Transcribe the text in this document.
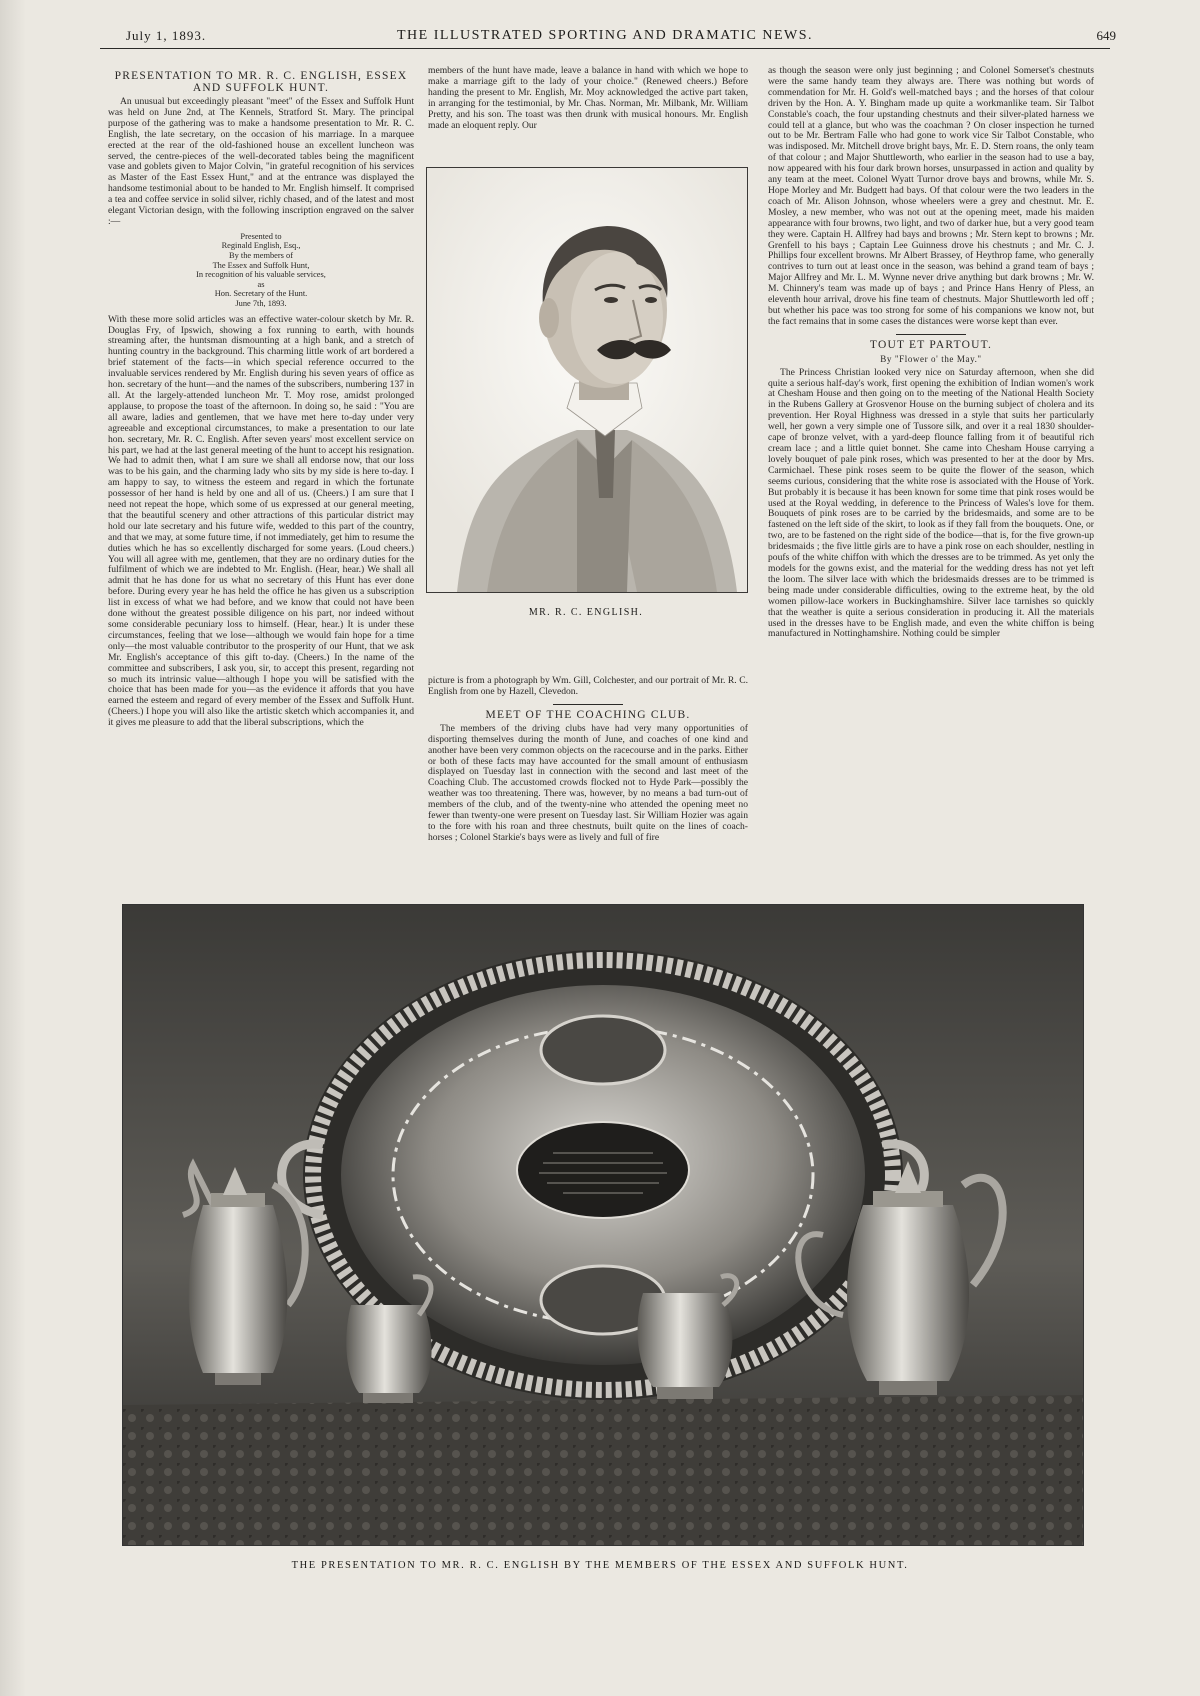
July 1, 1893.	THE ILLUSTRATED SPORTING AND DRAMATIC NEWS.	649
PRESENTATION TO MR. R. C. ENGLISH, ESSEX AND SUFFOLK HUNT.

An unusual but exceedingly pleasant "meet" of the Essex and Suffolk Hunt was held on June 2nd, at The Kennels, Stratford St. Mary. The principal purpose of the gathering was to make a handsome presentation to Mr. R. C. English, the late secretary, on the occasion of his marriage. In a marquee erected at the rear of the old-fashioned house an excellent luncheon was served, the centre-pieces of the well-decorated tables being the magnificent vase and goblets given to Major Colvin, "in grateful recognition of his services as Master of the East Essex Hunt," and at the entrance was displayed the handsome testimonial about to be handed to Mr. English himself. It comprised a tea and coffee service in solid silver, richly chased, and of the latest and most elegant Victorian design, with the following inscription engraved on the salver :—

Presented to
Reginald English, Esq.,
By the members of
The Essex and Suffolk Hunt,
In recognition of his valuable services,
as
Hon. Secretary of the Hunt.
June 7th, 1893.

With these more solid articles was an effective water-colour sketch by Mr. R. Douglas Fry, of Ipswich, showing a fox running to earth, with hounds streaming after, the huntsman dismounting at a high bank, and a stretch of hunting country in the background. This charming little work of art bordered a brief statement of the facts—in which special reference occurred to the invaluable services rendered by Mr. English during his seven years of office as hon. secretary of the hunt—and the names of the subscribers, numbering 137 in all. At the largely-attended luncheon Mr. T. Moy rose, amidst prolonged applause, to propose the toast of the afternoon. In doing so, he said : "You are all aware, ladies and gentlemen, that we have met here to-day under very agreeable and exceptional circumstances, to make a presentation to our late hon. secretary, Mr. R. C. English. After seven years' most excellent service on his part, we had at the last general meeting of the hunt to accept his resignation. We had to admit then, what I am sure we shall all endorse now, that our loss was to be his gain, and the charming lady who sits by my side is here to-day. I am happy to say, to witness the esteem and regard in which the fortunate possessor of her hand is held by one and all of us. (Cheers.) I am sure that I need not repeat the hope, which some of us expressed at our general meeting, that the beautiful scenery and other attractions of this particular district may hold our late secretary and his future wife, wedded to this part of the country, and that we may, at some future time, if not immediately, get him to resume the duties which he has so excellently discharged for some years. (Loud cheers.) You will all agree with me, gentlemen, that they are no ordinary duties for the fulfilment of which we are indebted to Mr. English. (Hear, hear.) We shall all admit that he has done for us what no secretary of this Hunt has ever done before. During every year he has held the office he has given us a subscription list in excess of what we had before, and we know that could not have been done without the greatest possible diligence on his part, nor indeed without some considerable pecuniary loss to himself. (Hear, hear.) It is under these circumstances, feeling that we lose—although we would fain hope for a time only—the most valuable contributor to the prosperity of our Hunt, that we ask Mr. English's acceptance of this gift to-day. (Cheers.) In the name of the committee and subscribers, I ask you, sir, to accept this present, regarding not so much its intrinsic value—although I hope you will be satisfied with the choice that has been made for you—as the evidence it affords that you have earned the esteem and regard of every member of the Essex and Suffolk Hunt. (Cheers.) I hope you will also like the artistic sketch which accompanies it, and it gives me pleasure to add that the liberal subscriptions, which the

members of the hunt have made, leave a balance in hand with which we hope to make a marriage gift to the lady of your choice." (Renewed cheers.) Before handing the present to Mr. English, Mr. Moy acknowledged the active part taken, in arranging for the testimonial, by Mr. Chas. Norman, Mr. Milbank, Mr. William Pretty, and his son. The toast was then drunk with musical honours. Mr. English made an eloquent reply. Our

MR. R. C. ENGLISH.

picture is from a photograph by Wm. Gill, Colchester, and our portrait of Mr. R. C. English from one by Hazell, Clevedon.

MEET OF THE COACHING CLUB.

The members of the driving clubs have had very many opportunities of disporting themselves during the month of June, and coaches of one kind and another have been very common objects on the racecourse and in the parks. Either or both of these facts may have accounted for the small amount of enthusiasm displayed on Tuesday last in connection with the second and last meet of the Coaching Club. The accustomed crowds flocked not to Hyde Park—possibly the weather was too threatening. There was, however, by no means a bad turn-out of members of the club, and of the twenty-nine who attended the opening meet no fewer than twenty-one were present on Tuesday last. Sir William Hozier was again to the fore with his roan and three chestnuts, built quite on the lines of coach-horses ; Colonel Starkie's bays were as lively and full of fire

as though the season were only just beginning ; and Colonel Somerset's chestnuts were the same handy team they always are. There was nothing but words of commendation for Mr. H. Gold's well-matched bays ; and the horses of that colour driven by the Hon. A. Y. Bingham made up quite a workmanlike team. Sir Talbot Constable's coach, the four upstanding chestnuts and their silver-plated harness we could tell at a glance, but who was the coachman ? On closer inspection he turned out to be Mr. Bertram Falle who had gone to work vice Sir Talbot Constable, who was indisposed. Mr. Mitchell drove bright bays, Mr. E. D. Stern roans, the only team of that colour ; and Major Shuttleworth, who earlier in the season had to use a bay, now appeared with his four dark brown horses, unsurpassed in action and quality by any team at the meet. Colonel Wyatt Turnor drove bays and browns, while Mr. S. Hope Morley and Mr. Budgett had bays. Of that colour were the two leaders in the coach of Mr. Alison Johnson, whose wheelers were a grey and chestnut. Mr. E. Mosley, a new member, who was not out at the opening meet, made his maiden appearance with four browns, two light, and two of darker hue, but a very good team they were. Captain H. Allfrey had bays and browns ; Mr. Stern kept to browns ; Mr. Grenfell to his bays ; Captain Lee Guinness drove his chestnuts ; and Mr. C. J. Phillips four excellent browns. Mr Albert Brassey, of Heythrop fame, who generally contrives to turn out at least once in the season, was behind a grand team of bays ; Major Allfrey and Mr. L. M. Wynne never drive anything but dark browns ; Mr. W. M. Chinnery's team was made up of bays ; and Prince Hans Henry of Pless, an eleventh hour arrival, drove his fine team of chestnuts. Major Shuttleworth led off ; but whether his pace was too strong for some of his companions we know not, but the fact remains that in some cases the distances were worse kept than ever.

TOUT ET PARTOUT.
By "Flower o' the May."

The Princess Christian looked very nice on Saturday afternoon, when she did quite a serious half-day's work, first opening the exhibition of Indian women's work at Chesham House and then going on to the meeting of the National Health Society in the Rubens Gallery at Grosvenor House on the burning subject of cholera and its prevention. Her Royal Highness was dressed in a style that suits her particularly well, her gown a very simple one of Tussore silk, and over it a real 1830 shoulder-cape of bronze velvet, with a yard-deep flounce falling from it of beautiful rich cream lace ; and a little quiet bonnet. She came into Chesham House carrying a lovely bouquet of pale pink roses, which was presented to her at the door by Mrs. Carmichael. These pink roses seem to be quite the flower of the season, which seems curious, considering that the white rose is associated with the House of York. But probably it is because it has been known for some time that pink roses would be used at the Royal wedding, in deference to the Princess of Wales's love for them. Bouquets of pink roses are to be carried by the bridesmaids, and some are to be fastened on the left side of the skirt, to look as if they fall from the bouquets. One, or two, are to be fastened on the right side of the bodice—that is, for the five grown-up bridesmaids ; the five little girls are to have a pink rose on each shoulder, nestling in poufs of the white chiffon with which the dresses are to be trimmed. As yet only the models for the gowns exist, and the material for the wedding dress has not yet left the loom. The silver lace with which the bridesmaids dresses are to be trimmed is being made under considerable difficulties, owing to the extreme heat, by the old women pillow-lace workers in Buckinghamshire. Silver lace tarnishes so quickly that the weather is quite a serious consideration in producing it. All the materials used in the dresses have to be English made, and even the white chiffon is being manufactured in Nottinghamshire. Nothing could be simpler

THE PRESENTATION TO MR. R. C. ENGLISH BY THE MEMBERS OF THE ESSEX AND SUFFOLK HUNT.
